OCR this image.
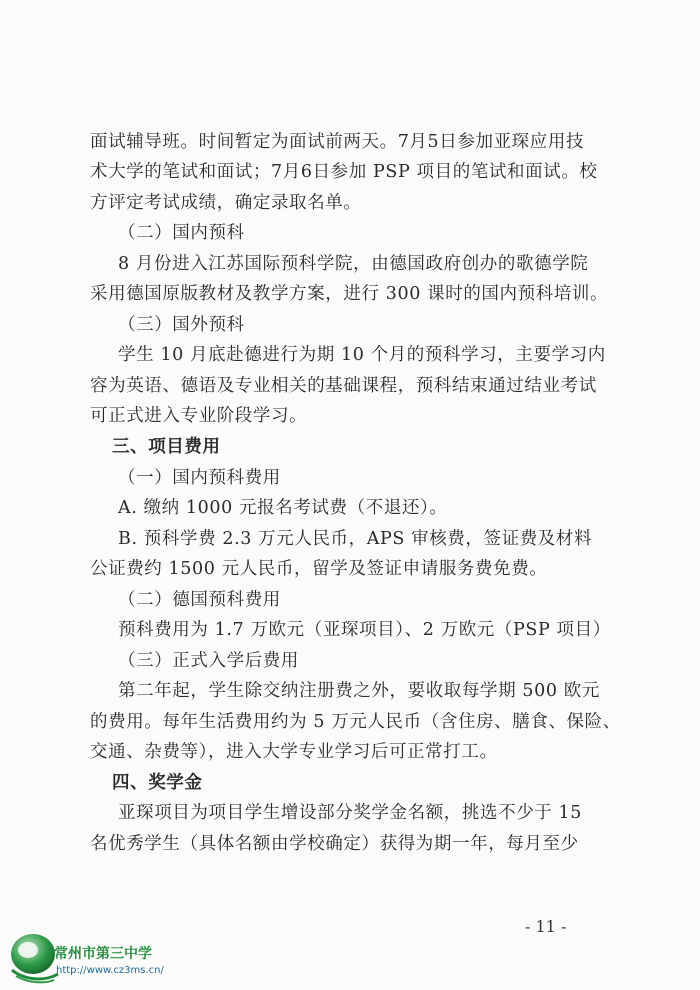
面试辅导班。时间暂定为面试前两天。7月5日参加亚琛应用技
术大学的笔试和面试；7月6日参加 PSP 项目的笔试和面试。校
方评定考试成绩，确定录取名单。
（二）国内预科
8 月份进入江苏国际预科学院，由德国政府创办的歌德学院
采用德国原版教材及教学方案，进行 300 课时的国内预科培训。
（三）国外预科
学生 10 月底赴德进行为期 10 个月的预科学习，主要学习内
容为英语、德语及专业相关的基础课程，预科结束通过结业考试
可正式进入专业阶段学习。
三、项目费用
（一）国内预科费用
A. 缴纳 1000 元报名考试费（不退还）。
B. 预科学费 2.3 万元人民币，APS 审核费，签证费及材料
公证费约 1500 元人民币，留学及签证申请服务费免费。
（二）德国预科费用
预科费用为 1.7 万欧元（亚琛项目）、2 万欧元（PSP 项目）
（三）正式入学后费用
第二年起，学生除交纳注册费之外，要收取每学期 500 欧元
的费用。每年生活费用约为 5 万元人民币（含住房、膳食、保险、
交通、杂费等），进入大学专业学习后可正常打工。
四、奖学金
亚琛项目为项目学生增设部分奖学金名额，挑选不少于 15
名优秀学生（具体名额由学校确定）获得为期一年，每月至少
- 11 -
常州市第三中学
http://www.cz3ms.cn/
